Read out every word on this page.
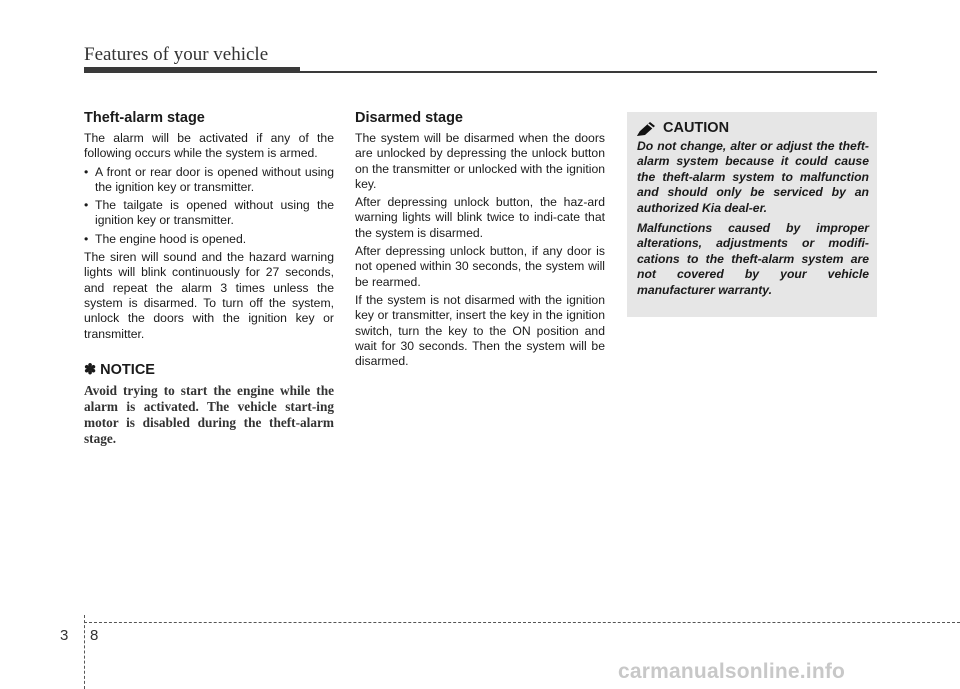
Features of your vehicle
Theft-alarm stage

The alarm will be activated if any of the following occurs while the system is armed.

• A front or rear door is opened without using the ignition key or transmitter.
• The tailgate is opened without using the ignition key or transmitter.
• The engine hood is opened.

The siren will sound and the hazard warning lights will blink continuously for 27 seconds, and repeat the alarm 3 times unless the system is disarmed. To turn off the system, unlock the doors with the ignition key or transmitter.

✽ NOTICE
Avoid trying to start the engine while the alarm is activated. The vehicle start-ing motor is disabled during the theft-alarm stage.
Disarmed stage

The system will be disarmed when the doors are unlocked by depressing the unlock button on the transmitter or unlocked with the ignition key.

After depressing unlock button, the haz-ard warning lights will blink twice to indi-cate that the system is disarmed.

After depressing unlock button, if any door is not opened within 30 seconds, the system will be rearmed.

If the system is not disarmed with the ignition key or transmitter, insert the key in the ignition switch, turn the key to the ON position and wait for 30 seconds. Then the system will be disarmed.

CAUTION

Do not change, alter or adjust the theft-alarm system because it could cause the theft-alarm system to malfunction and should only be serviced by an authorized Kia deal-er.

Malfunctions caused by improper alterations, adjustments or modifi-cations to the theft-alarm system are not covered by your vehicle manufacturer warranty.

3 8
carmanualsonline.info
